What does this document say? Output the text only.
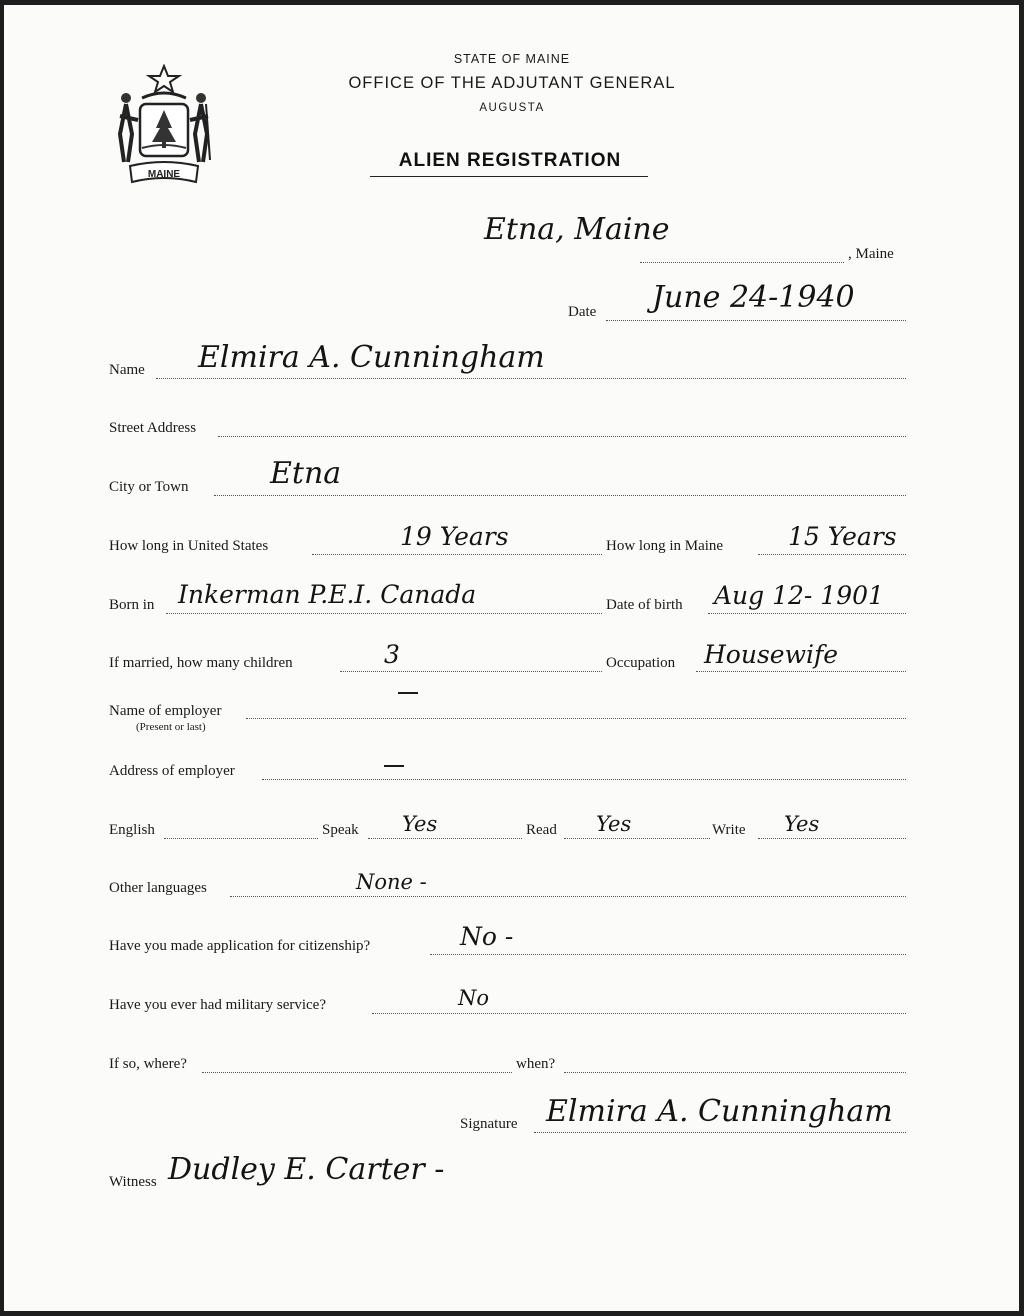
MAINE
STATE OF MAINE
OFFICE OF THE ADJUTANT GENERAL
AUGUSTA
ALIEN REGISTRATION
Etna, Maine
, Maine
Date June 24-1940
Name Elmira A. Cunningham
Street Address
City or Town	Etna
How long in United States	19 Years	How long in Maine	15 Years
Born in Inkerman P.E.I. Canada	Date of birth Aug 12- 1901
If married, how many children	3	Occupation Housewife
Name of employer
(Present or last)
Address of employer
English	Speak Yes	Read Yes	Write Yes
Other languages	None -
Have you made application for citizenship?	No -
Have you ever had military service?	No
If so, where?	when?
Signature Elmira A. Cunningham
Witness Dudley E. Carter -
